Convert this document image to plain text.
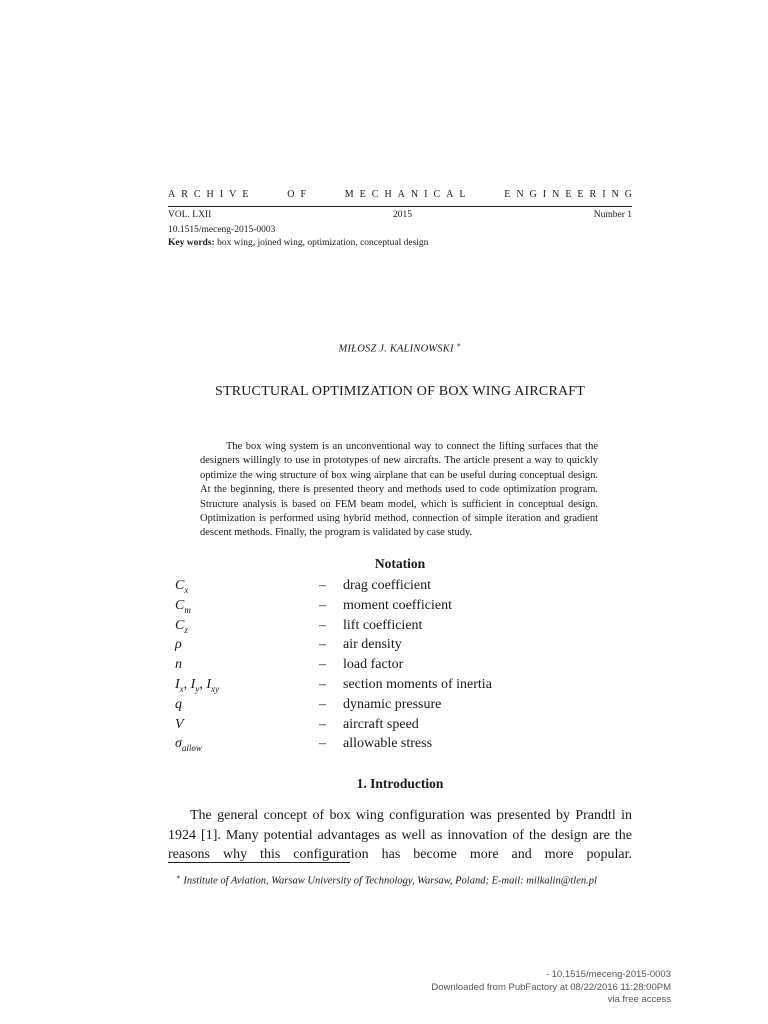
ARCHIVE	OF	MECHANICAL	ENGINEERING
VOL. LXII	2015	Number 1
10.1515/meceng-2015-0003
Key words: box wing, joined wing, optimization, conceptual design
MIŁOSZ J. KALINOWSKI ∗
STRUCTURAL OPTIMIZATION OF BOX WING AIRCRAFT

The box wing system is an unconventional way to connect the lifting surfaces that the designers willingly to use in prototypes of new aircrafts. The article present a way to quickly optimize the wing structure of box wing airplane that can be useful during conceptual design. At the beginning, there is presented theory and methods used to code optimization program. Structure analysis is based on FEM beam model, which is sufficient in conceptual design. Optimization is performed using hybrid method, connection of simple iteration and gradient descent methods. Finally, the program is validated by case study.

Notation
$C_x$	– drag coefficient
$C_m$	– moment coefficient
$C_z$	– lift coefficient
ρ	– air density
n	– load factor
$I_x$, $I_y$, $I_{xy}$	– section moments of inertia
q	– dynamic pressure
V	– aircraft speed
$\sigma_{allow}$	– allowable stress
1. Introduction

The general concept of box wing configuration was presented by Prandtl in 1924 [1]. Many potential advantages as well as innovation of the design are the reasons why this configuration has become more and more popular.

∗ Institute of Aviation, Warsaw University of Technology, Warsaw, Poland; E-mail: milkalin@tlen.pl

- 10.1515/meceng-2015-0003
Downloaded from PubFactory at 08/22/2016 11:28:00PM
via free access
